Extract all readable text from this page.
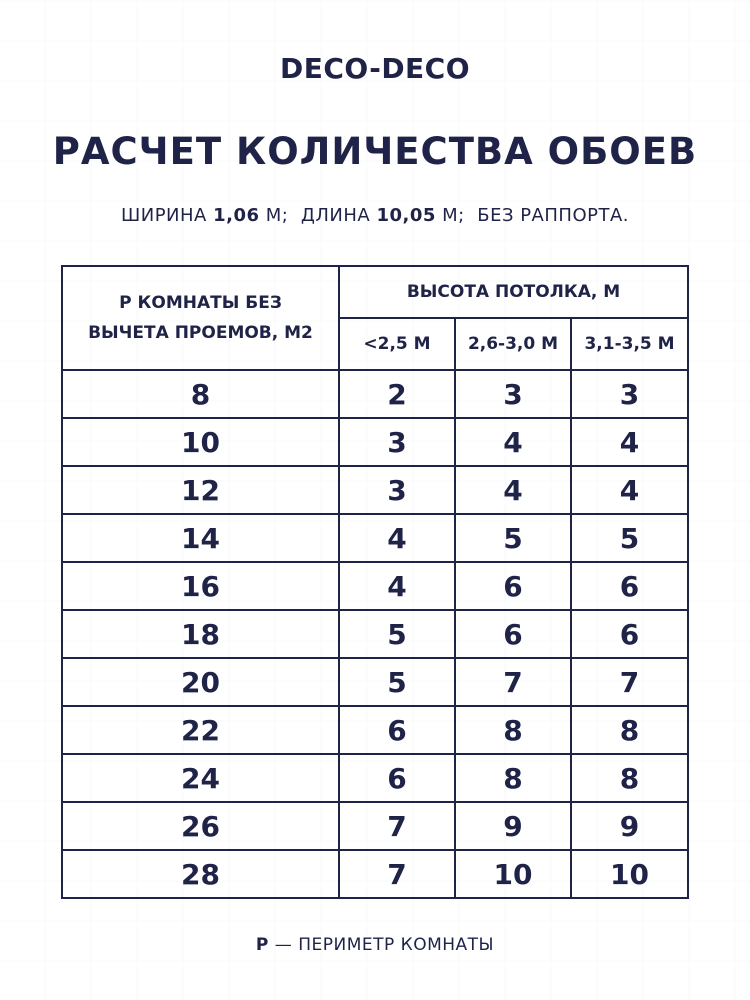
DECO-DECO
РАСЧЕТ КОЛИЧЕСТВА ОБОЕВ
ШИРИНА 1,06 М; ДЛИНА 10,05 М; БЕЗ РАППОРТА.
Р КОМНАТЫ БЕЗ
ВЫЧЕТА ПРОЕМОВ, М2	ВЫСОТА ПОТОЛКА, М		
	<2,5 М	2,6-3,0 М	3,1-3,5 М
8	2	3	3
10	3	4	4
12	3	4	4
14	4	5	5
16	4	6	6
18	5	6	6
20	5	7	7
22	6	8	8
24	6	8	8
26	7	9	9
28	7	10	10
Р — ПЕРИМЕТР КОМНАТЫ
